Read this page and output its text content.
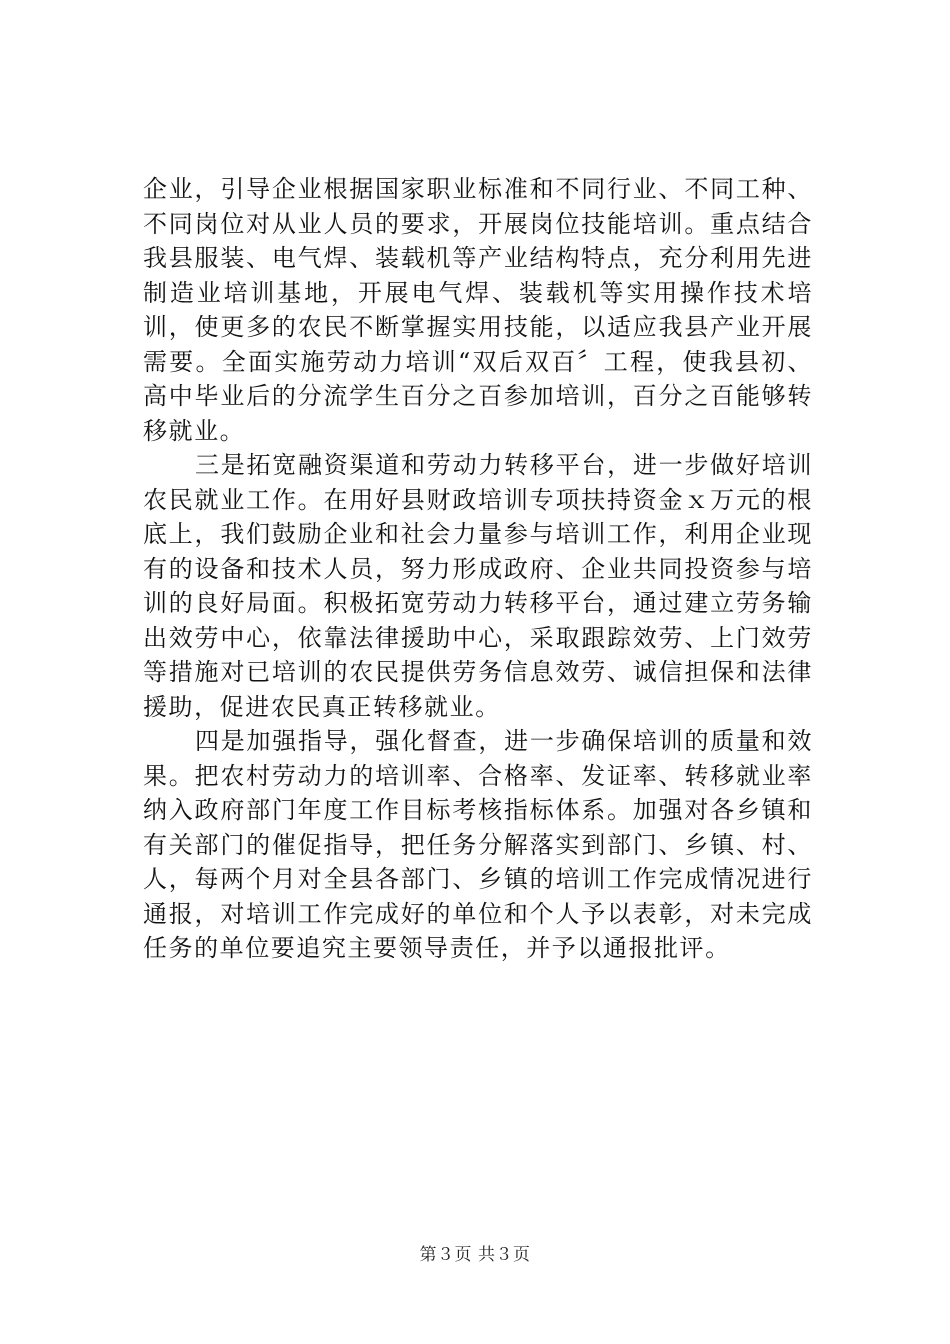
企业，引导企业根据国家职业标准和不同行业、不同工种、不同岗位对从业人员的要求，开展岗位技能培训。重点结合我县服装、电气焊、装载机等产业结构特点，充分利用先进制造业培训基地，开展电气焊、装载机等实用操作技术培训，使更多的农民不断掌握实用技能，以适应我县产业开展需要。全面实施劳动力培训“双后双百〞工程，使我县初、高中毕业后的分流学生百分之百参加培训，百分之百能够转移就业。

三是拓宽融资渠道和劳动力转移平台，进一步做好培训农民就业工作。在用好县财政培训专项扶持资金ｘ万元的根底上，我们鼓励企业和社会力量参与培训工作，利用企业现有的设备和技术人员，努力形成政府、企业共同投资参与培训的良好局面。积极拓宽劳动力转移平台，通过建立劳务输出效劳中心，依靠法律援助中心，采取跟踪效劳、上门效劳等措施对已培训的农民提供劳务信息效劳、诚信担保和法律援助，促进农民真正转移就业。

四是加强指导，强化督查，进一步确保培训的质量和效果。把农村劳动力的培训率、合格率、发证率、转移就业率纳入政府部门年度工作目标考核指标体系。加强对各乡镇和有关部门的催促指导，把任务分解落实到部门、乡镇、村、人，每两个月对全县各部门、乡镇的培训工作完成情况进行通报，对培训工作完成好的单位和个人予以表彰，对未完成任务的单位要追究主要领导责任，并予以通报批评。

第３页 共３页
